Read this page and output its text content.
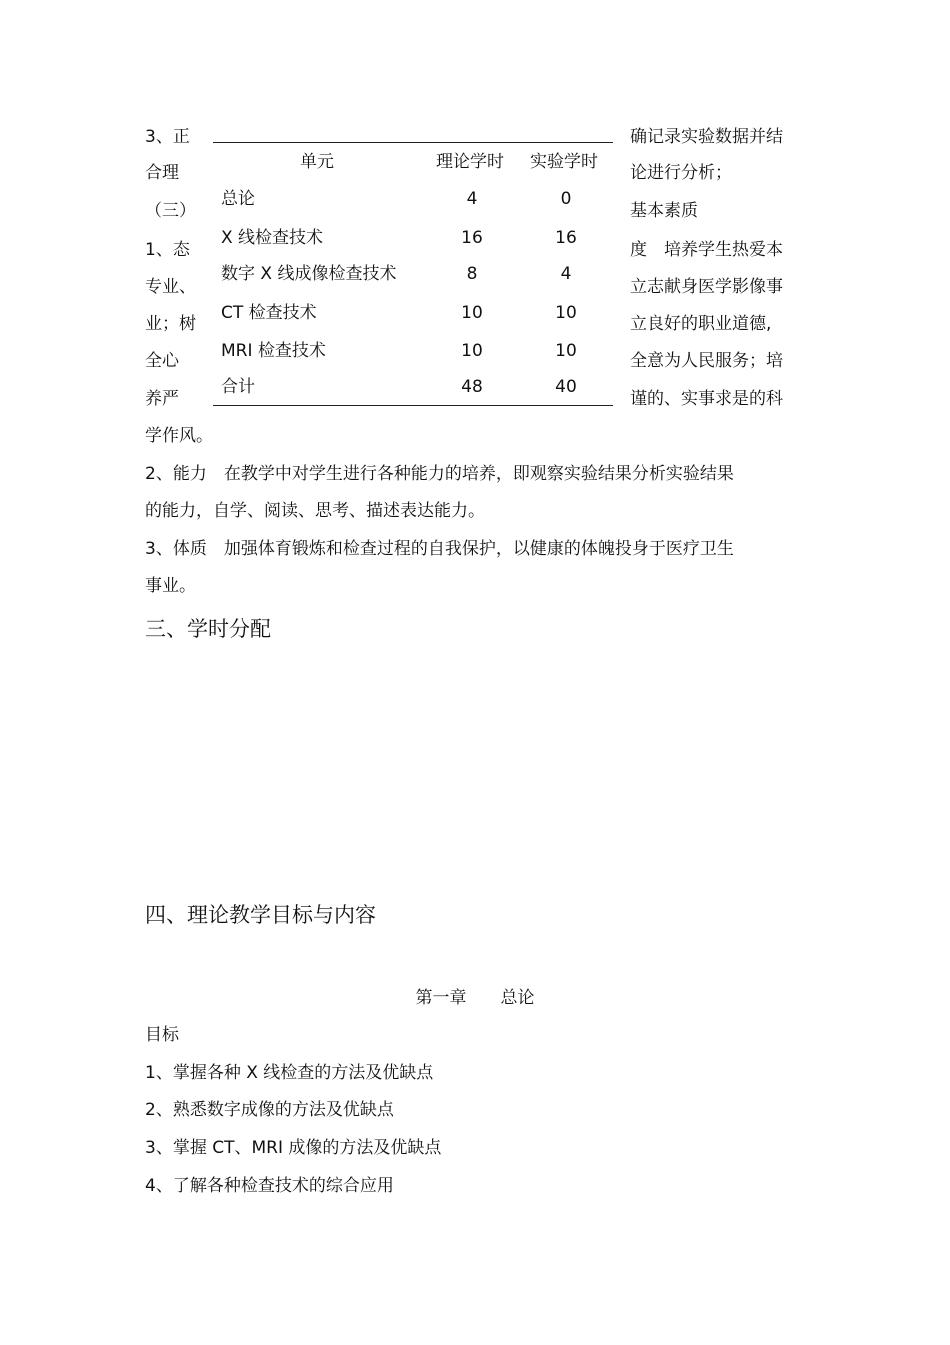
3、正
合理
（三）
1、态
专业、
业；树
全心
养严
确记录实验数据并结
论进行分析；
基本素质
度　培养学生热爱本
立志献身医学影像事
立良好的职业道德,
全意为人民服务；培
谨的、实事求是的科
单元	理论学时	实验学时
总论	4	0
X 线检查技术	16	16
数字 X 线成像检查技术	8	4
CT 检查技术	10	10
MRI 检查技术	10	10
合计	48	40
学作风。
2、能力　在教学中对学生进行各种能力的培养，即观察实验结果分析实验结果
的能力，自学、阅读、思考、描述表达能力。
3、体质　加强体育锻炼和检查过程的自我保护，以健康的体魄投身于医疗卫生
事业。
三、学时分配
四、理论教学目标与内容
第一章　　总论
目标
1、掌握各种 X 线检查的方法及优缺点
2、熟悉数字成像的方法及优缺点
3、掌握 CT、MRI 成像的方法及优缺点
4、了解各种检查技术的综合应用
